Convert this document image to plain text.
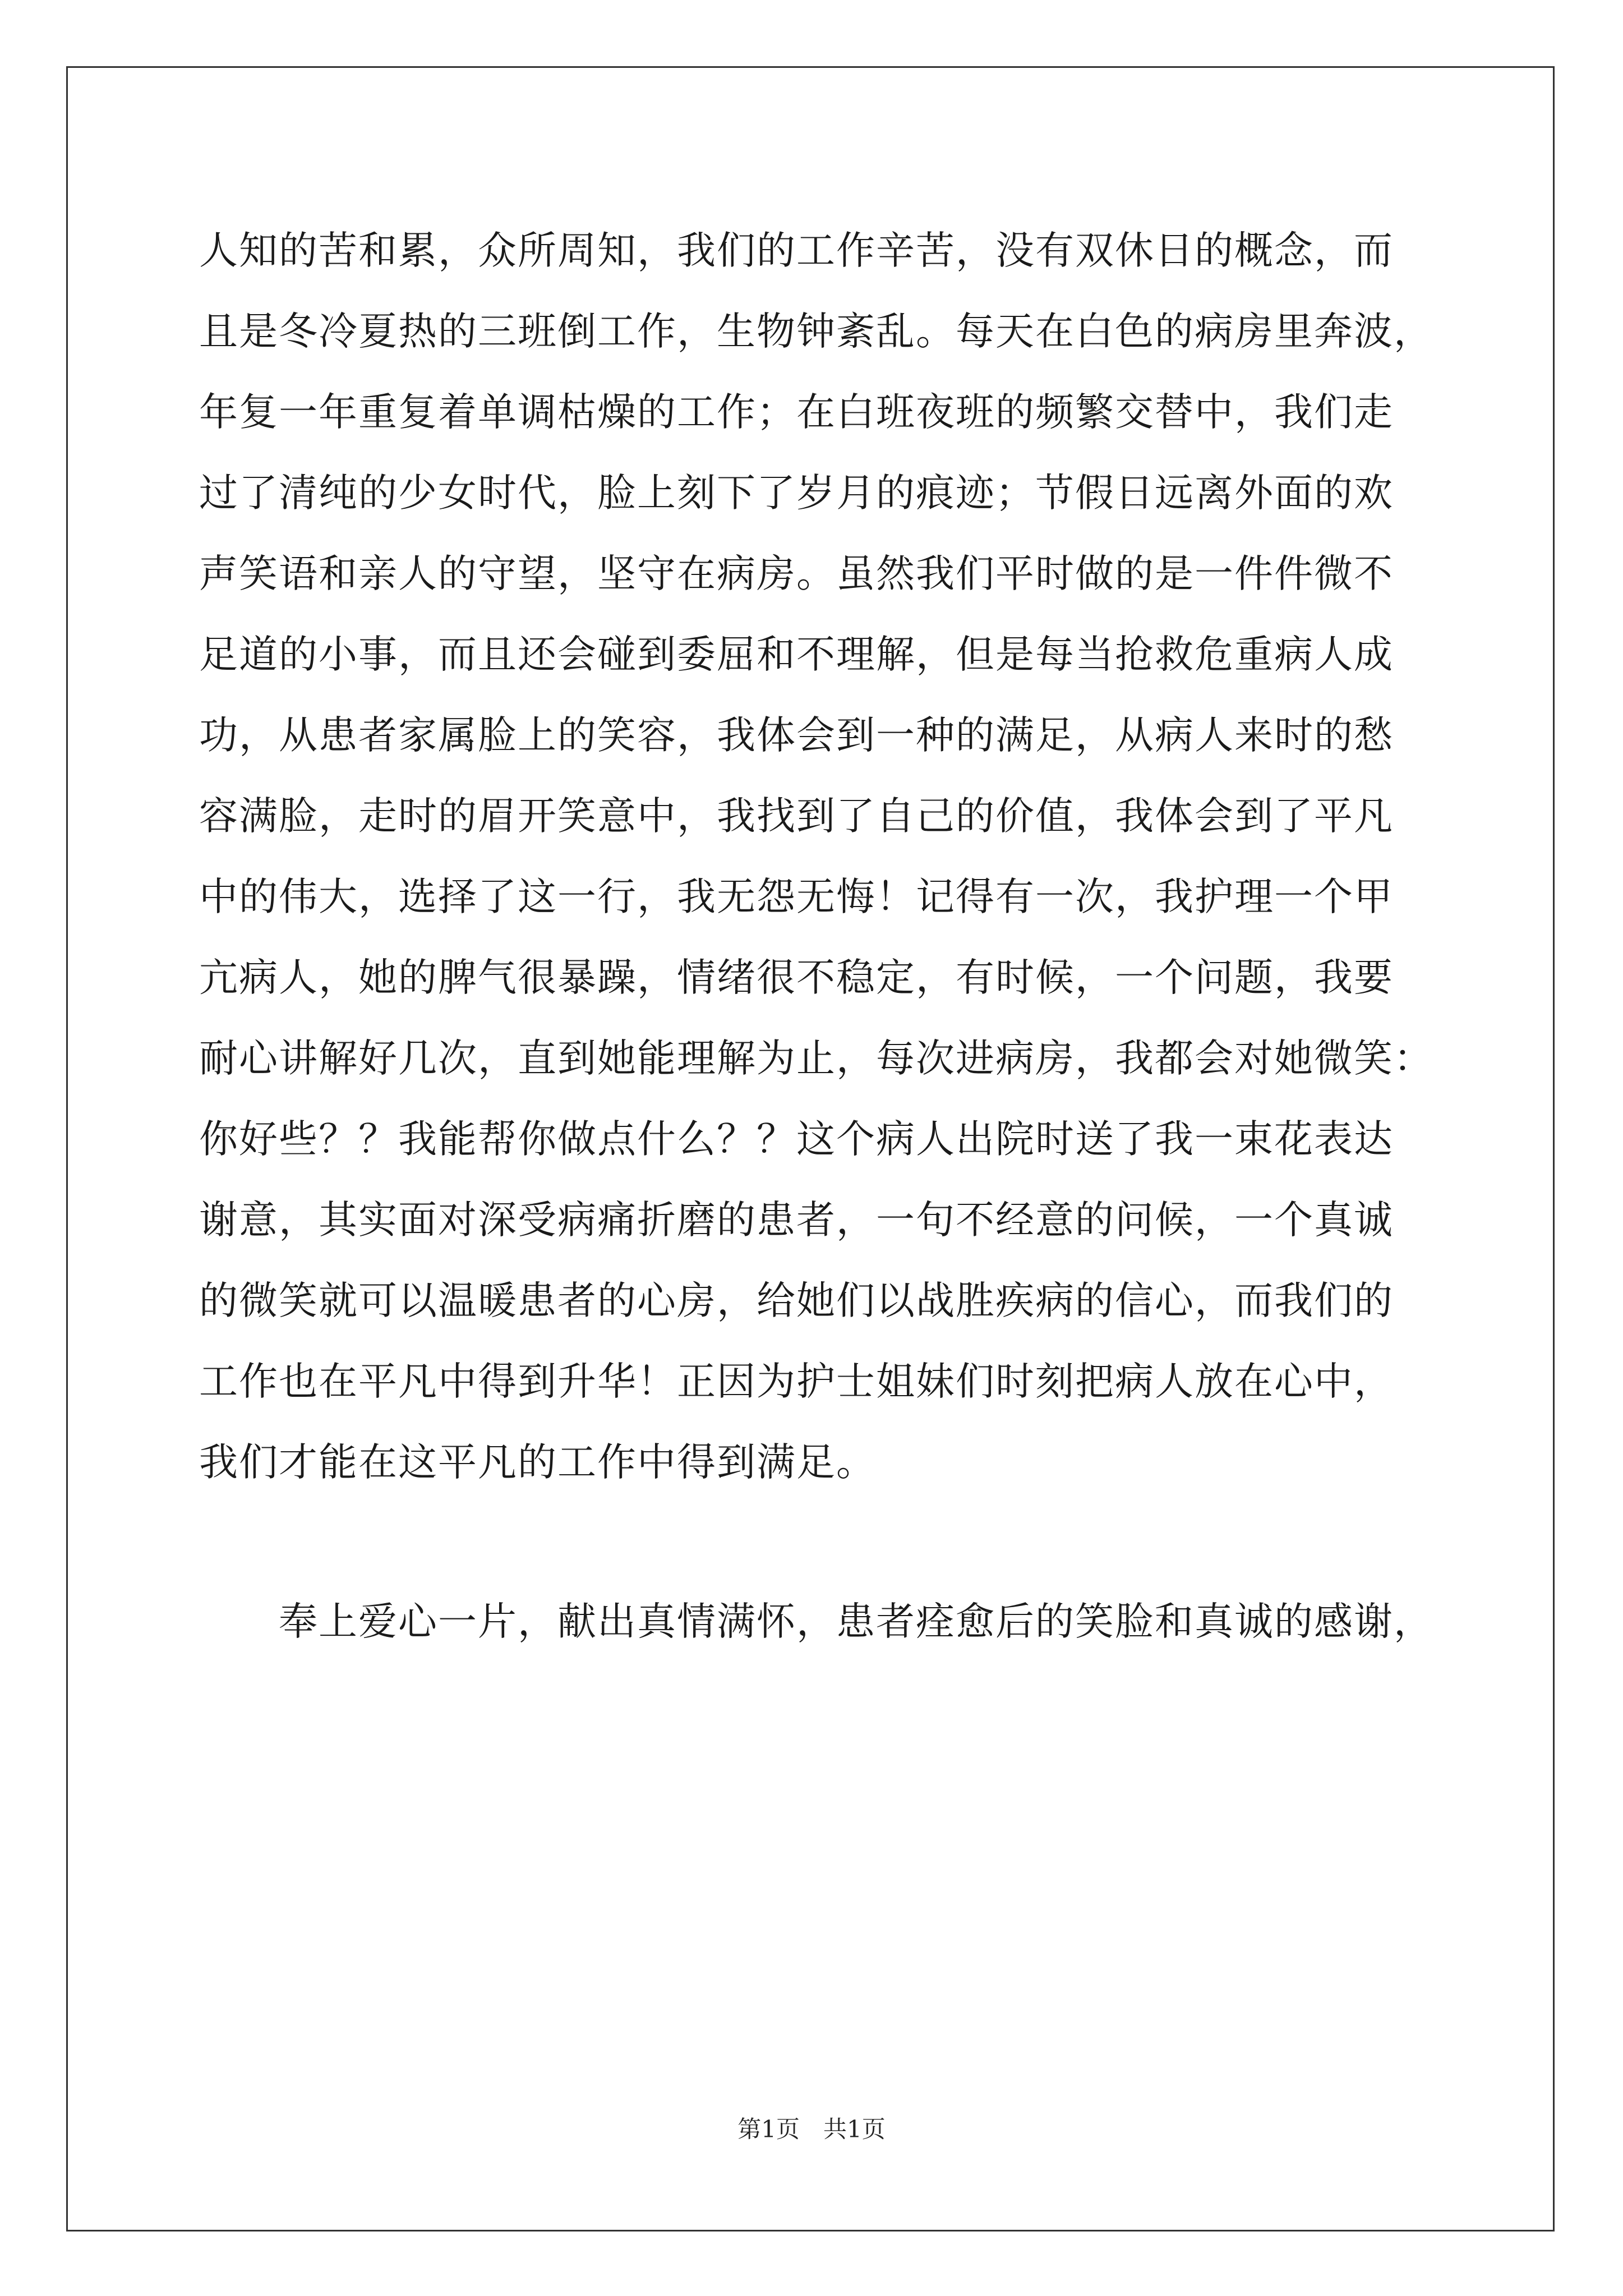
人知的苦和累，众所周知，我们的工作辛苦，没有双休日的概念，而
且是冬冷夏热的三班倒工作，生物钟紊乱。每天在白色的病房里奔波，
年复一年重复着单调枯燥的工作；在白班夜班的频繁交替中，我们走
过了清纯的少女时代，脸上刻下了岁月的痕迹；节假日远离外面的欢
声笑语和亲人的守望，坚守在病房。虽然我们平时做的是一件件微不
足道的小事，而且还会碰到委屈和不理解，但是每当抢救危重病人成
功，从患者家属脸上的笑容，我体会到一种的满足，从病人来时的愁
容满脸，走时的眉开笑意中，我找到了自己的价值，我体会到了平凡
中的伟大，选择了这一行，我无怨无悔！记得有一次，我护理一个甲
亢病人，她的脾气很暴躁，情绪很不稳定，有时候，一个问题，我要
耐心讲解好几次，直到她能理解为止，每次进病房，我都会对她微笑：
你好些？？我能帮你做点什么？？这个病人出院时送了我一束花表达
谢意，其实面对深受病痛折磨的患者，一句不经意的问候，一个真诚
的微笑就可以温暖患者的心房，给她们以战胜疾病的信心，而我们的
工作也在平凡中得到升华！正因为护士姐妹们时刻把病人放在心中，
我们才能在这平凡的工作中得到满足。
奉上爱心一片，献出真情满怀，患者痊愈后的笑脸和真诚的感谢，
第1页　共1页
